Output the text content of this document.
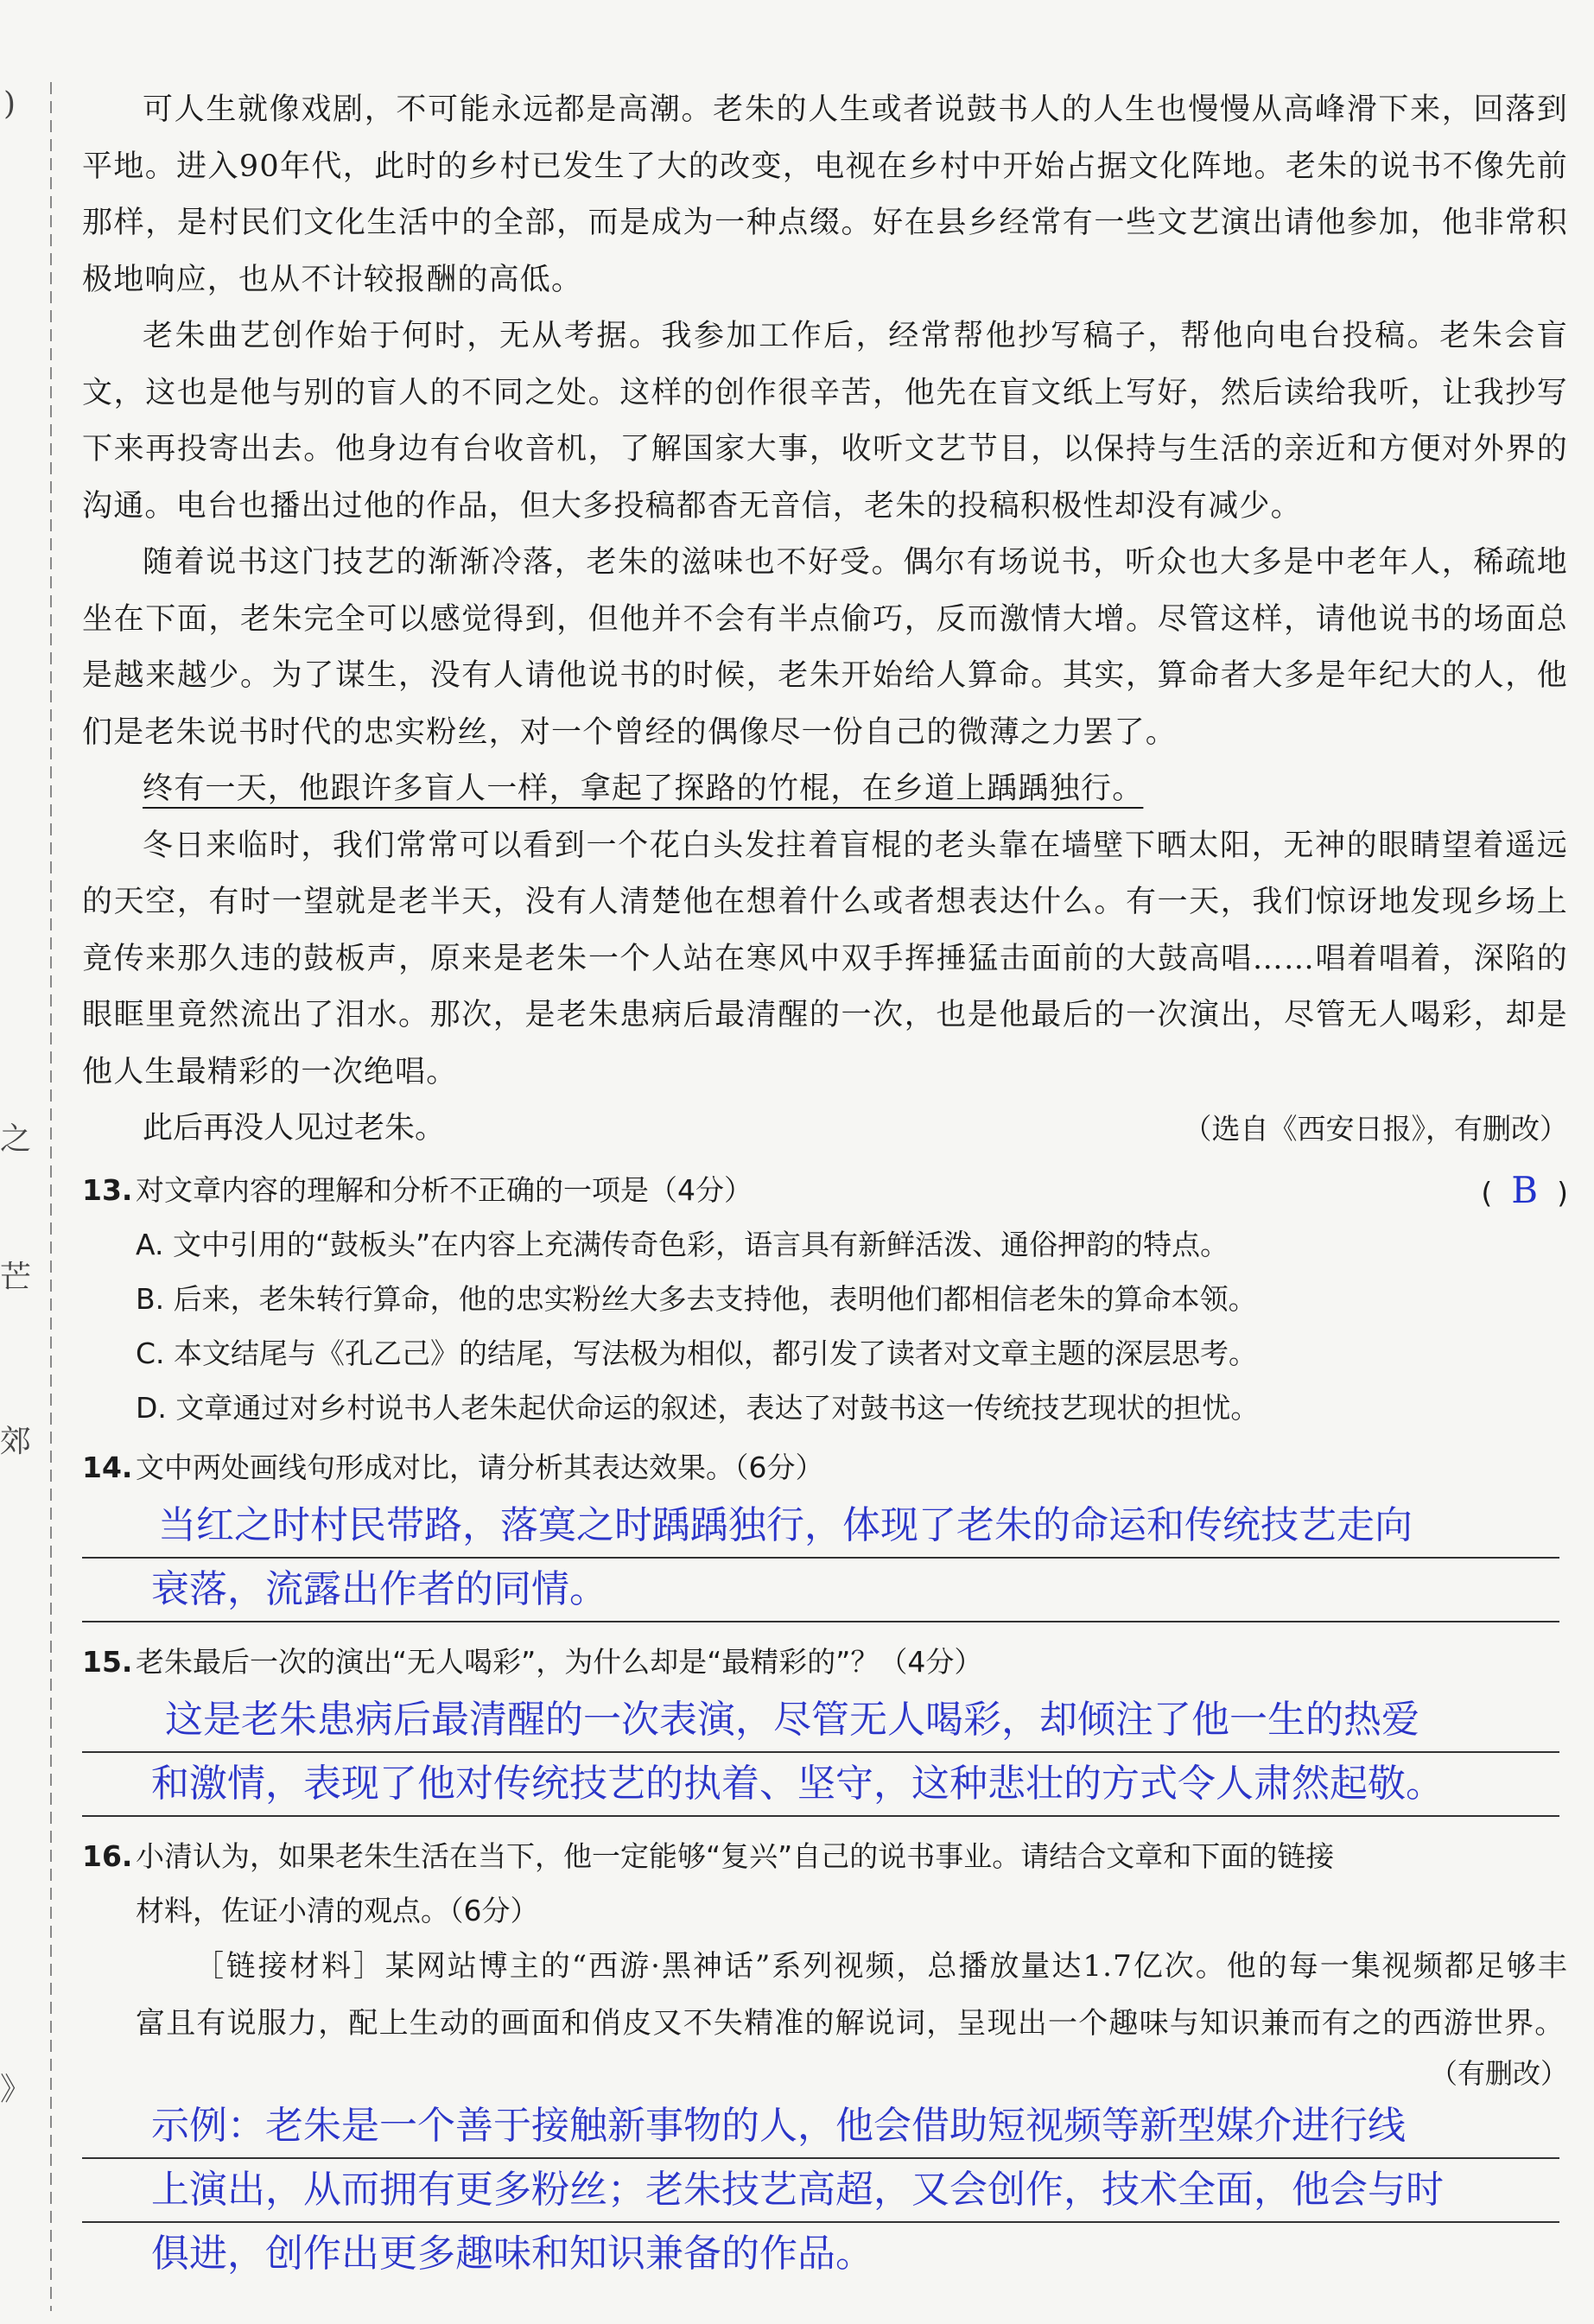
)
之
芒
郊
》

可人生就像戏剧，不可能永远都是高潮。老朱的人生或者说鼓书人的人生也慢慢从高峰滑下来，回落到平地。进入90年代，此时的乡村已发生了大的改变，电视在乡村中开始占据文化阵地。老朱的说书不像先前那样，是村民们文化生活中的全部，而是成为一种点缀。好在县乡经常有一些文艺演出请他参加，他非常积极地响应，也从不计较报酬的高低。

老朱曲艺创作始于何时，无从考据。我参加工作后，经常帮他抄写稿子，帮他向电台投稿。老朱会盲文，这也是他与别的盲人的不同之处。这样的创作很辛苦，他先在盲文纸上写好，然后读给我听，让我抄写下来再投寄出去。他身边有台收音机，了解国家大事，收听文艺节目，以保持与生活的亲近和方便对外界的沟通。电台也播出过他的作品，但大多投稿都杳无音信，老朱的投稿积极性却没有减少。

随着说书这门技艺的渐渐冷落，老朱的滋味也不好受。偶尔有场说书，听众也大多是中老年人，稀疏地坐在下面，老朱完全可以感觉得到，但他并不会有半点偷巧，反而激情大增。尽管这样，请他说书的场面总是越来越少。为了谋生，没有人请他说书的时候，老朱开始给人算命。其实，算命者大多是年纪大的人，他们是老朱说书时代的忠实粉丝，对一个曾经的偶像尽一份自己的微薄之力罢了。

终有一天，他跟许多盲人一样，拿起了探路的竹棍，在乡道上踽踽独行。

冬日来临时，我们常常可以看到一个花白头发拄着盲棍的老头靠在墙壁下晒太阳，无神的眼睛望着遥远的天空，有时一望就是老半天，没有人清楚他在想着什么或者想表达什么。有一天，我们惊讶地发现乡场上竟传来那久违的鼓板声，原来是老朱一个人站在寒风中双手挥捶猛击面前的大鼓高唱……唱着唱着，深陷的眼眶里竟然流出了泪水。那次，是老朱患病后最清醒的一次，也是他最后的一次演出，尽管无人喝彩，却是他人生最精彩的一次绝唱。

此后再没人见过老朱。	（选自《西安日报》，有删改）
13. 对文章内容的理解和分析不正确的一项是（4分）	( B )
A. 文中引用的“鼓板头”在内容上充满传奇色彩，语言具有新鲜活泼、通俗押韵的特点。
B. 后来，老朱转行算命，他的忠实粉丝大多去支持他，表明他们都相信老朱的算命本领。
C. 本文结尾与《孔乙己》的结尾，写法极为相似，都引发了读者对文章主题的深层思考。
D. 文章通过对乡村说书人老朱起伏命运的叙述，表达了对鼓书这一传统技艺现状的担忧。
14. 文中两处画线句形成对比，请分析其表达效果。（6分）
当红之时村民带路，落寞之时踽踽独行，体现了老朱的命运和传统技艺走向
衰落，流露出作者的同情。
15. 老朱最后一次的演出“无人喝彩”，为什么却是“最精彩的”？（4分）
这是老朱患病后最清醒的一次表演，尽管无人喝彩，却倾注了他一生的热爱
和激情，表现了他对传统技艺的执着、坚守，这种悲壮的方式令人肃然起敬。
16. 小清认为，如果老朱生活在当下，他一定能够“复兴”自己的说书事业。请结合文章和下面的链接
材料，佐证小清的观点。（6分）

［链接材料］某网站博主的“西游·黑神话”系列视频，总播放量达1.7亿次。他的每一集视频都足够丰富且有说服力，配上生动的画面和俏皮又不失精准的解说词，呈现出一个趣味与知识兼而有之的西游世界。

（有删改）
示例：老朱是一个善于接触新事物的人，他会借助短视频等新型媒介进行线
上演出，从而拥有更多粉丝；老朱技艺高超，又会创作，技术全面，他会与时
俱进，创作出更多趣味和知识兼备的作品。
